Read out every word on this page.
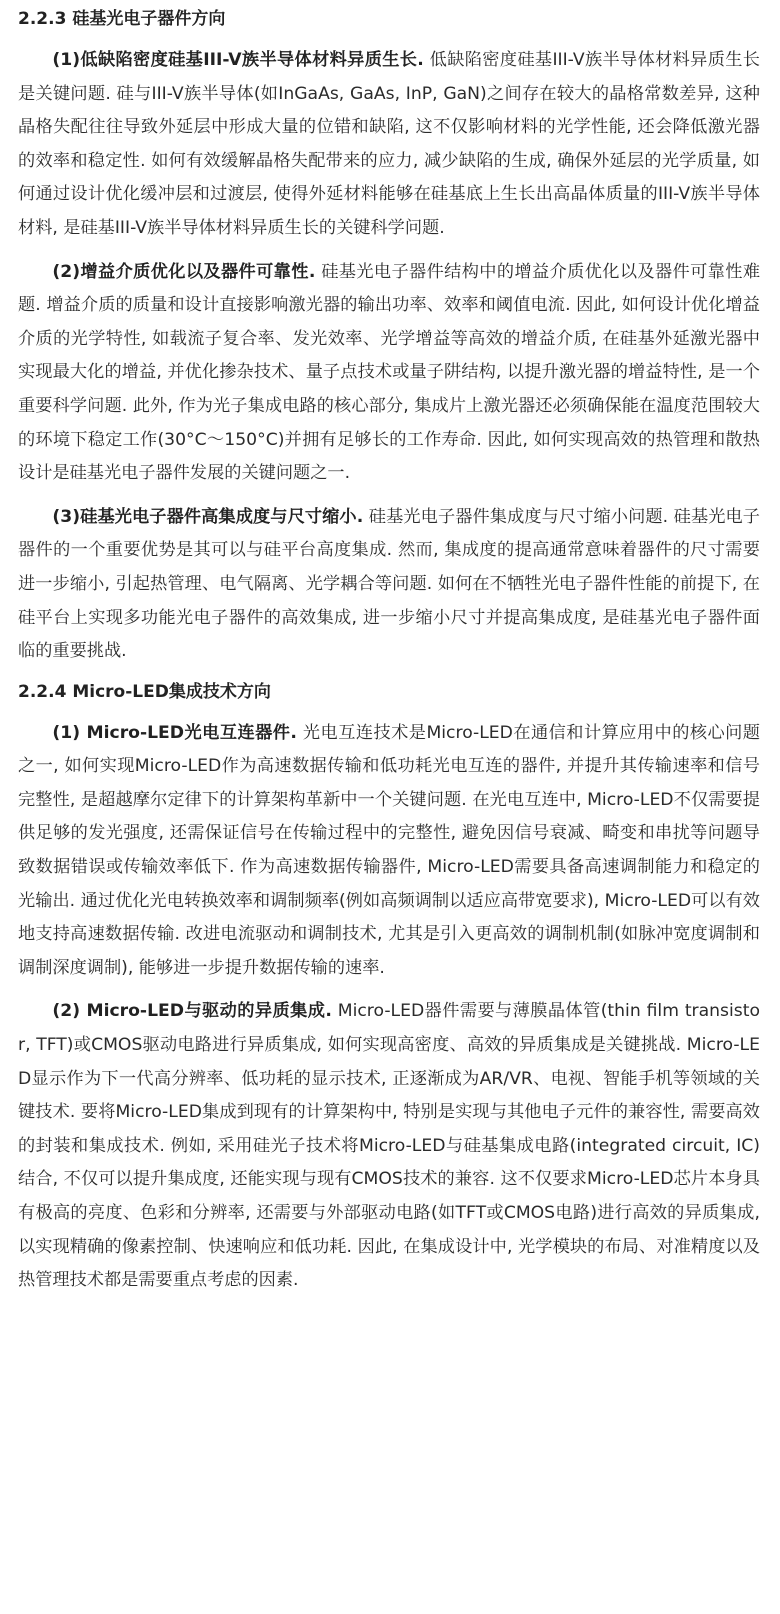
2.2.3 硅基光电子器件方向

(1)低缺陷密度硅基III-V族半导体材料异质生长. 低缺陷密度硅基III-V族半导体材料异质生长是关键问题. 硅与III-V族半导体(如InGaAs, GaAs, InP, GaN)之间存在较大的晶格常数差异, 这种晶格失配往往导致外延层中形成大量的位错和缺陷, 这不仅影响材料的光学性能, 还会降低激光器的效率和稳定性. 如何有效缓解晶格失配带来的应力, 减少缺陷的生成, 确保外延层的光学质量, 如何通过设计优化缓冲层和过渡层, 使得外延材料能够在硅基底上生长出高晶体质量的III-V族半导体材料, 是硅基III-V族半导体材料异质生长的关键科学问题.

(2)增益介质优化以及器件可靠性. 硅基光电子器件结构中的增益介质优化以及器件可靠性难题. 增益介质的质量和设计直接影响激光器的输出功率、效率和阈值电流. 因此, 如何设计优化增益介质的光学特性, 如载流子复合率、发光效率、光学增益等高效的增益介质, 在硅基外延激光器中实现最大化的增益, 并优化掺杂技术、量子点技术或量子阱结构, 以提升激光器的增益特性, 是一个重要科学问题. 此外, 作为光子集成电路的核心部分, 集成片上激光器还必须确保能在温度范围较大的环境下稳定工作(30°C～150°C)并拥有足够长的工作寿命. 因此, 如何实现高效的热管理和散热设计是硅基光电子器件发展的关键问题之一.

(3)硅基光电子器件高集成度与尺寸缩小. 硅基光电子器件集成度与尺寸缩小问题. 硅基光电子器件的一个重要优势是其可以与硅平台高度集成. 然而, 集成度的提高通常意味着器件的尺寸需要进一步缩小, 引起热管理、电气隔离、光学耦合等问题. 如何在不牺牲光电子器件性能的前提下, 在硅平台上实现多功能光电子器件的高效集成, 进一步缩小尺寸并提高集成度, 是硅基光电子器件面临的重要挑战.

2.2.4 Micro-LED集成技术方向

(1) Micro-LED光电互连器件. 光电互连技术是Micro-LED在通信和计算应用中的核心问题之一, 如何实现Micro-LED作为高速数据传输和低功耗光电互连的器件, 并提升其传输速率和信号完整性, 是超越摩尔定律下的计算架构革新中一个关键问题. 在光电互连中, Micro-LED不仅需要提供足够的发光强度, 还需保证信号在传输过程中的完整性, 避免因信号衰减、畸变和串扰等问题导致数据错误或传输效率低下. 作为高速数据传输器件, Micro-LED需要具备高速调制能力和稳定的光输出. 通过优化光电转换效率和调制频率(例如高频调制以适应高带宽要求), Micro-LED可以有效地支持高速数据传输. 改进电流驱动和调制技术, 尤其是引入更高效的调制机制(如脉冲宽度调制和调制深度调制), 能够进一步提升数据传输的速率.

(2) Micro-LED与驱动的异质集成. Micro-LED器件需要与薄膜晶体管(thin film transistor, TFT)或CMOS驱动电路进行异质集成, 如何实现高密度、高效的异质集成是关键挑战. Micro-LED显示作为下一代高分辨率、低功耗的显示技术, 正逐渐成为AR/VR、电视、智能手机等领域的关键技术. 要将Micro-LED集成到现有的计算架构中, 特别是实现与其他电子元件的兼容性, 需要高效的封装和集成技术. 例如, 采用硅光子技术将Micro-LED与硅基集成电路(integrated circuit, IC)结合, 不仅可以提升集成度, 还能实现与现有CMOS技术的兼容. 这不仅要求Micro-LED芯片本身具有极高的亮度、色彩和分辨率, 还需要与外部驱动电路(如TFT或CMOS电路)进行高效的异质集成, 以实现精确的像素控制、快速响应和低功耗. 因此, 在集成设计中, 光学模块的布局、对准精度以及热管理技术都是需要重点考虑的因素.
